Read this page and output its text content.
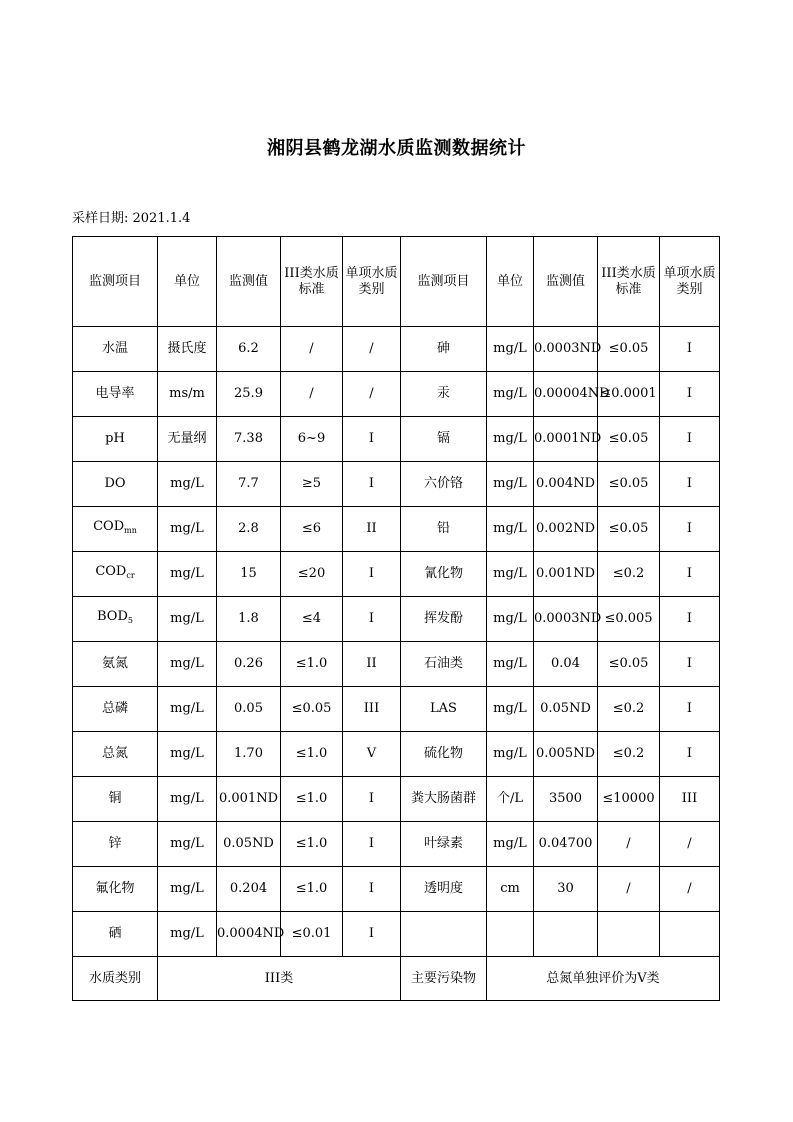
湘阴县鹤龙湖水质监测数据统计
采样日期: 2021.1.4
监测项目	单位	监测值	III类水质标准	单项水质类别	监测项目	单位	监测值	III类水质标准	单项水质类别
水温	摄氏度	6.2	/	/	砷	mg/L	0.0003ND	≤0.05	I
电导率	ms/m	25.9	/	/	汞	mg/L	0.00004ND	≤0.0001	I
pH	无量纲	7.38	6~9	I	镉	mg/L	0.0001ND	≤0.05	I
DO	mg/L	7.7	≥5	I	六价铬	mg/L	0.004ND	≤0.05	I
$COD_{mn}$	mg/L	2.8	≤6	II	铅	mg/L	0.002ND	≤0.05	I
$COD_{cr}$	mg/L	15	≤20	I	氰化物	mg/L	0.001ND	≤0.2	I
$BOD_5$	mg/L	1.8	≤4	I	挥发酚	mg/L	0.0003ND	≤0.005	I
氨氮	mg/L	0.26	≤1.0	II	石油类	mg/L	0.04	≤0.05	I
总磷	mg/L	0.05	≤0.05	III	LAS	mg/L	0.05ND	≤0.2	I
总氮	mg/L	1.70	≤1.0	V	硫化物	mg/L	0.005ND	≤0.2	I
铜	mg/L	0.001ND	≤1.0	I	粪大肠菌群	个/L	3500	≤10000	III
锌	mg/L	0.05ND	≤1.0	I	叶绿素	mg/L	0.04700	/	/
氟化物	mg/L	0.204	≤1.0	I	透明度	cm	30	/	/
硒	mg/L	0.0004ND	≤0.01	I					
水质类别	III类				主要污染物	总氮单独评价为V类			
